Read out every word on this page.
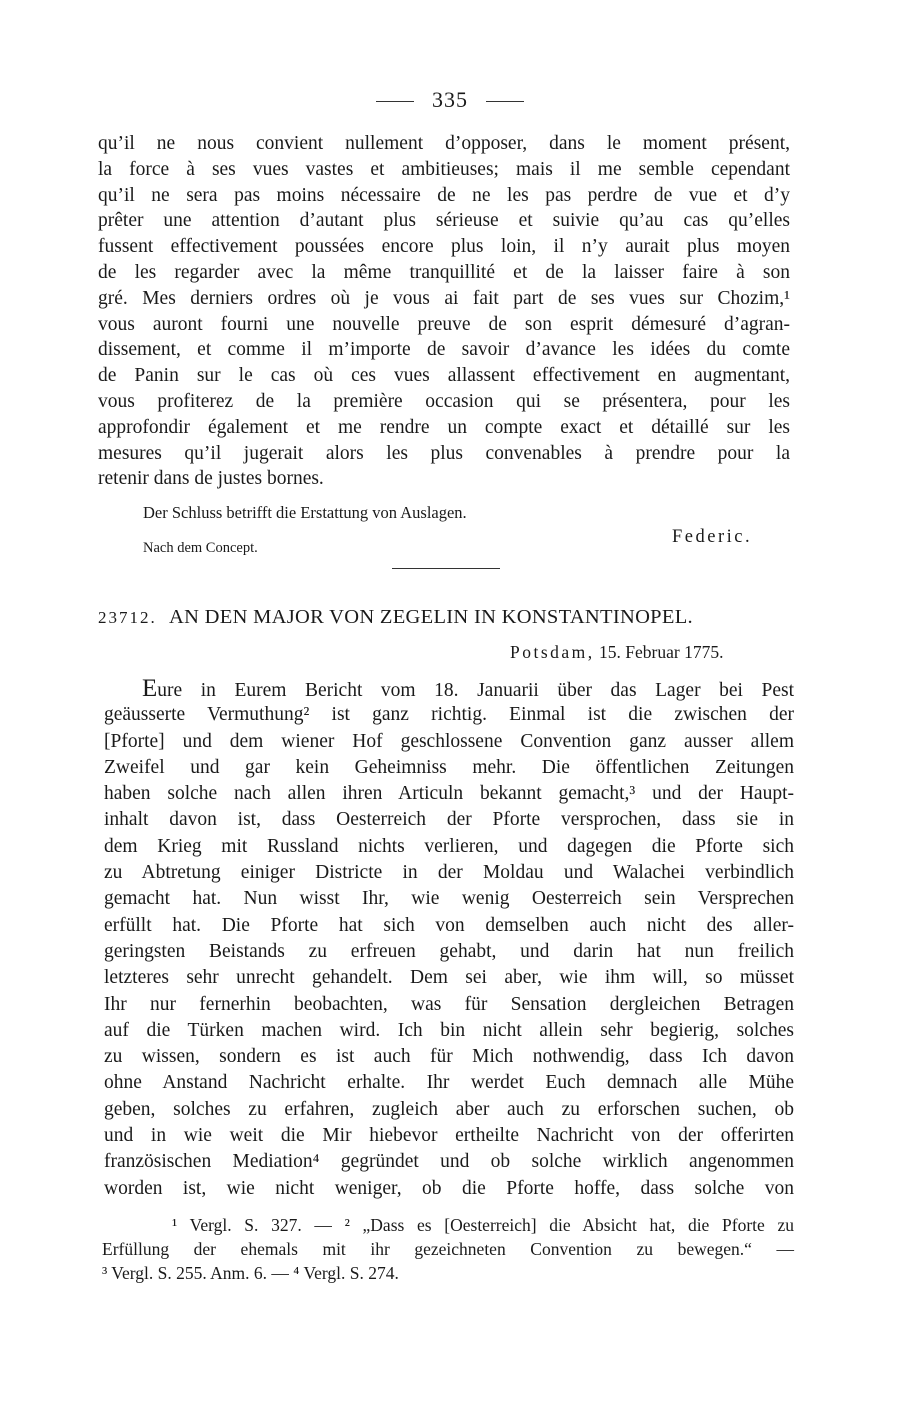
335
qu’il ne nous convient nullement d’opposer, dans le moment présent,
la force à ses vues vastes et ambitieuses; mais il me semble cependant
qu’il ne sera pas moins nécessaire de ne les pas perdre de vue et d’y
prêter une attention d’autant plus sérieuse et suivie qu’au cas qu’elles
fussent effectivement poussées encore plus loin, il n’y aurait plus moyen
de les regarder avec la même tranquillité et de la laisser faire à son
gré. Mes derniers ordres où je vous ai fait part de ses vues sur Chozim,¹
vous auront fourni une nouvelle preuve de son esprit démesuré d’agran-
dissement, et comme il m’importe de savoir d’avance les idées du comte
de Panin sur le cas où ces vues allassent effectivement en augmentant,
vous profiterez de la première occasion qui se présentera, pour les
approfondir également et me rendre un compte exact et détaillé sur les
mesures qu’il jugerait alors les plus convenables à prendre pour la
retenir dans de justes bornes.
Der Schluss betrifft die Erstattung von Auslagen.
Nach dem Concept.
Federic.
23712. AN DEN MAJOR VON ZEGELIN IN KONSTANTINOPEL.
Potsdam, 15. Februar 1775.
Eure in Eurem Bericht vom 18. Januarii über das Lager bei Pest
geäusserte Vermuthung² ist ganz richtig. Einmal ist die zwischen der
[Pforte] und dem wiener Hof geschlossene Convention ganz ausser allem
Zweifel und gar kein Geheimniss mehr. Die öffentlichen Zeitungen
haben solche nach allen ihren Articuln bekannt gemacht,³ und der Haupt-
inhalt davon ist, dass Oesterreich der Pforte versprochen, dass sie in
dem Krieg mit Russland nichts verlieren, und dagegen die Pforte sich
zu Abtretung einiger Districte in der Moldau und Walachei verbindlich
gemacht hat. Nun wisst Ihr, wie wenig Oesterreich sein Versprechen
erfüllt hat. Die Pforte hat sich von demselben auch nicht des aller-
geringsten Beistands zu erfreuen gehabt, und darin hat nun freilich
letzteres sehr unrecht gehandelt. Dem sei aber, wie ihm will, so müsset
Ihr nur fernerhin beobachten, was für Sensation dergleichen Betragen
auf die Türken machen wird. Ich bin nicht allein sehr begierig, solches
zu wissen, sondern es ist auch für Mich nothwendig, dass Ich davon
ohne Anstand Nachricht erhalte. Ihr werdet Euch demnach alle Mühe
geben, solches zu erfahren, zugleich aber auch zu erforschen suchen, ob
und in wie weit die Mir hiebevor ertheilte Nachricht von der offerirten
französischen Mediation⁴ gegründet und ob solche wirklich angenommen
worden ist, wie nicht weniger, ob die Pforte hoffe, dass solche von
¹ Vergl. S. 327. — ² „Dass es [Oesterreich] die Absicht hat, die Pforte zu
Erfüllung der ehemals mit ihr gezeichneten Convention zu bewegen.“ —
³ Vergl. S. 255. Anm. 6. — ⁴ Vergl. S. 274.
